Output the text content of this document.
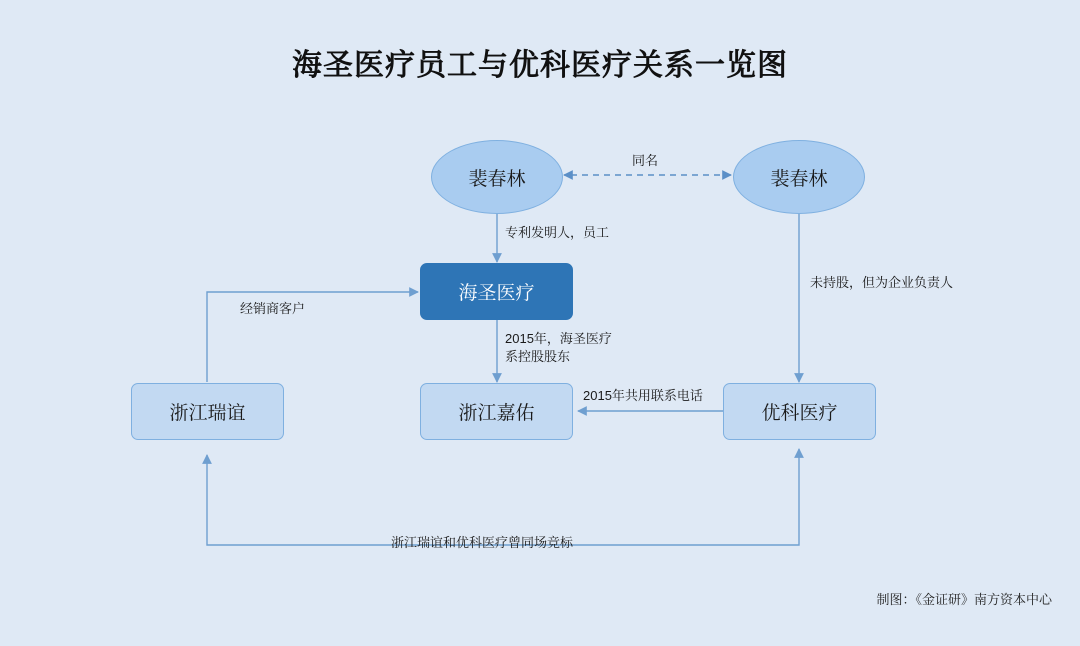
海圣医疗员工与优科医疗关系一览图
裴春林	裴春林
海圣医疗
浙江瑞谊	浙江嘉佑	优科医疗
同名
专利发明人，员工
未持股，但为企业负责人
2015年，海圣医疗
系控股股东
经销商客户
2015年共用联系电话
浙江瑞谊和优科医疗曾同场竞标
制图：《金证研》南方资本中心
